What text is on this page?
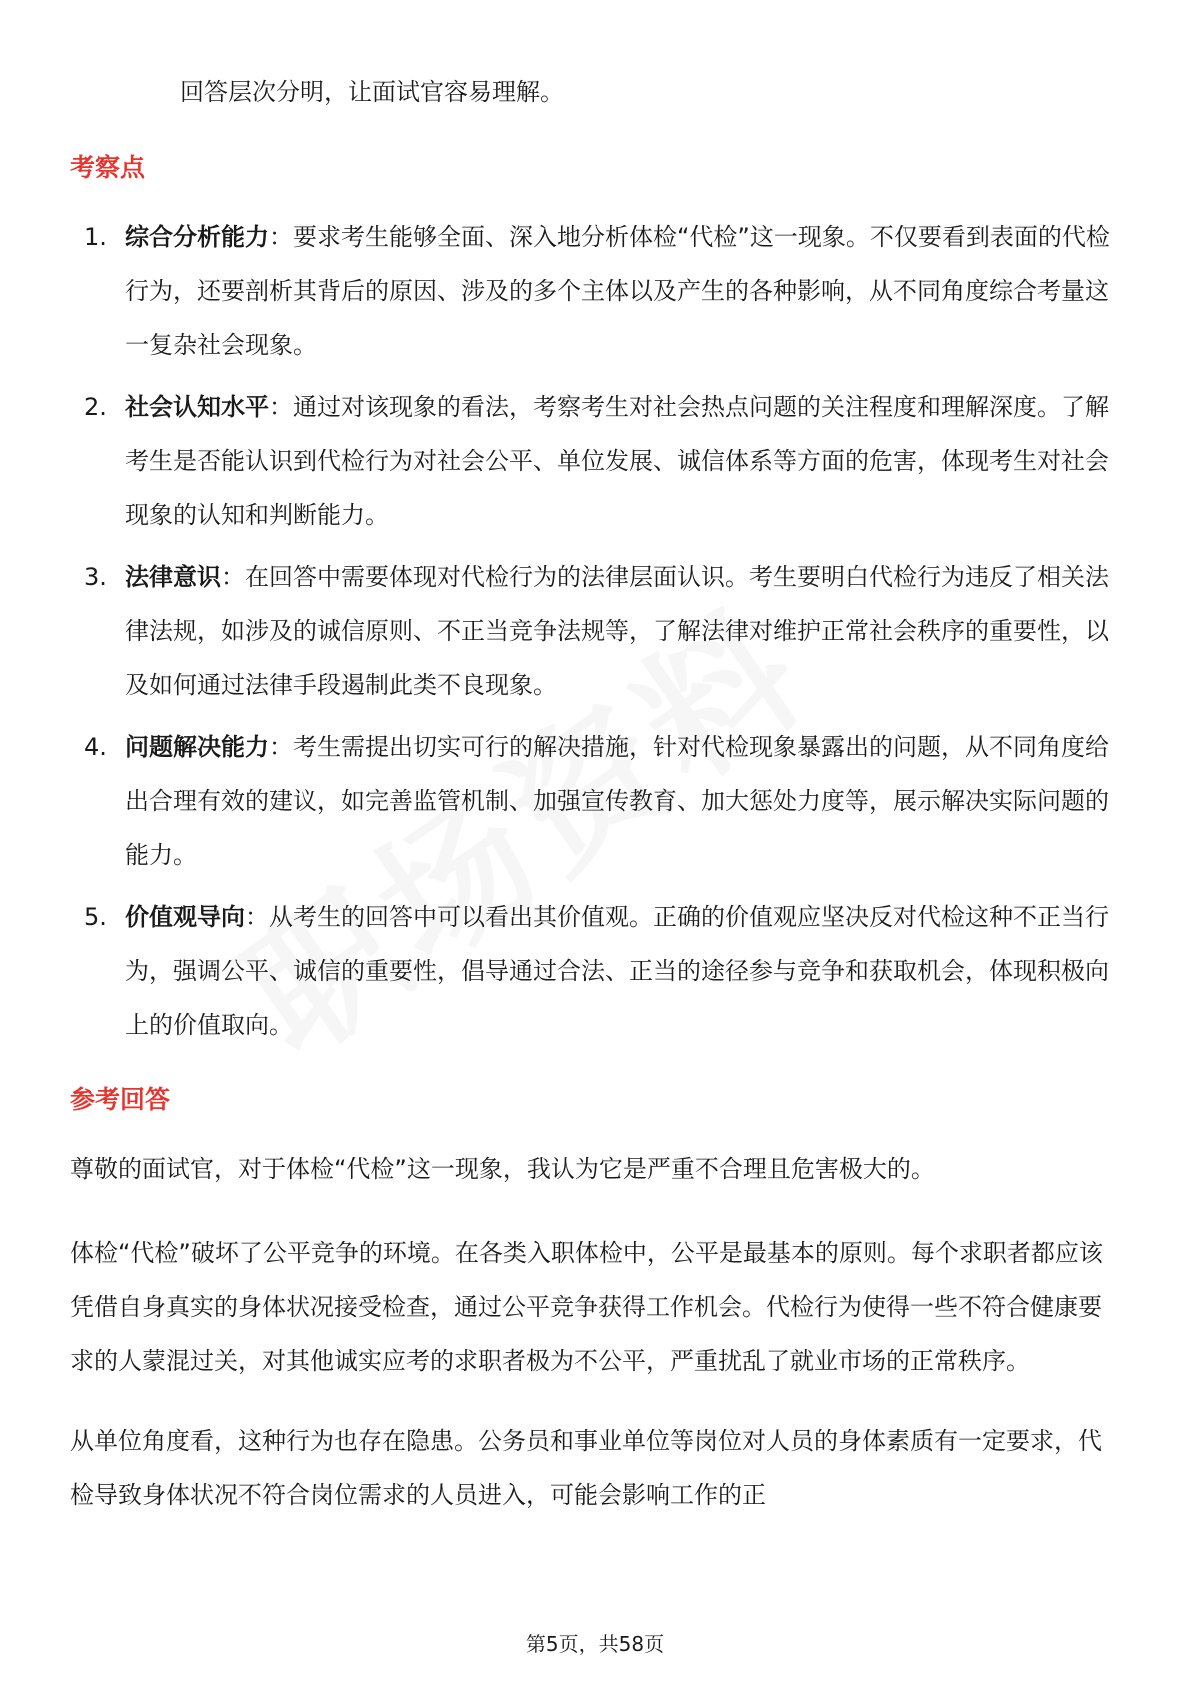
回答层次分明，让面试官容易理解。

考察点
1. 综合分析能力：要求考生能够全面、深入地分析体检“代检”这一现象。不仅要看到表面的代检行为，还要剖析其背后的原因、涉及的多个主体以及产生的各种影响，从不同角度综合考量这一复杂社会现象。
2. 社会认知水平：通过对该现象的看法，考察考生对社会热点问题的关注程度和理解深度。了解考生是否能认识到代检行为对社会公平、单位发展、诚信体系等方面的危害，体现考生对社会现象的认知和判断能力。
3. 法律意识：在回答中需要体现对代检行为的法律层面认识。考生要明白代检行为违反了相关法律法规，如涉及的诚信原则、不正当竞争法规等，了解法律对维护正常社会秩序的重要性，以及如何通过法律手段遏制此类不良现象。
4. 问题解决能力：考生需提出切实可行的解决措施，针对代检现象暴露出的问题，从不同角度给出合理有效的建议，如完善监管机制、加强宣传教育、加大惩处力度等，展示解决实际问题的能力。
5. 价值观导向：从考生的回答中可以看出其价值观。正确的价值观应坚决反对代检这种不正当行为，强调公平、诚信的重要性，倡导通过合法、正当的途径参与竞争和获取机会，体现积极向上的价值取向。
参考回答

尊敬的面试官，对于体检“代检”这一现象，我认为它是严重不合理且危害极大的。

体检“代检”破坏了公平竞争的环境。在各类入职体检中，公平是最基本的原则。每个求职者都应该凭借自身真实的身体状况接受检查，通过公平竞争获得工作机会。代检行为使得一些不符合健康要求的人蒙混过关，对其他诚实应考的求职者极为不公平，严重扰乱了就业市场的正常秩序。

从单位角度看，这种行为也存在隐患。公务员和事业单位等岗位对人员的身体素质有一定要求，代检导致身体状况不符合岗位需求的人员进入，可能会影响工作的正

第5页，共58页
